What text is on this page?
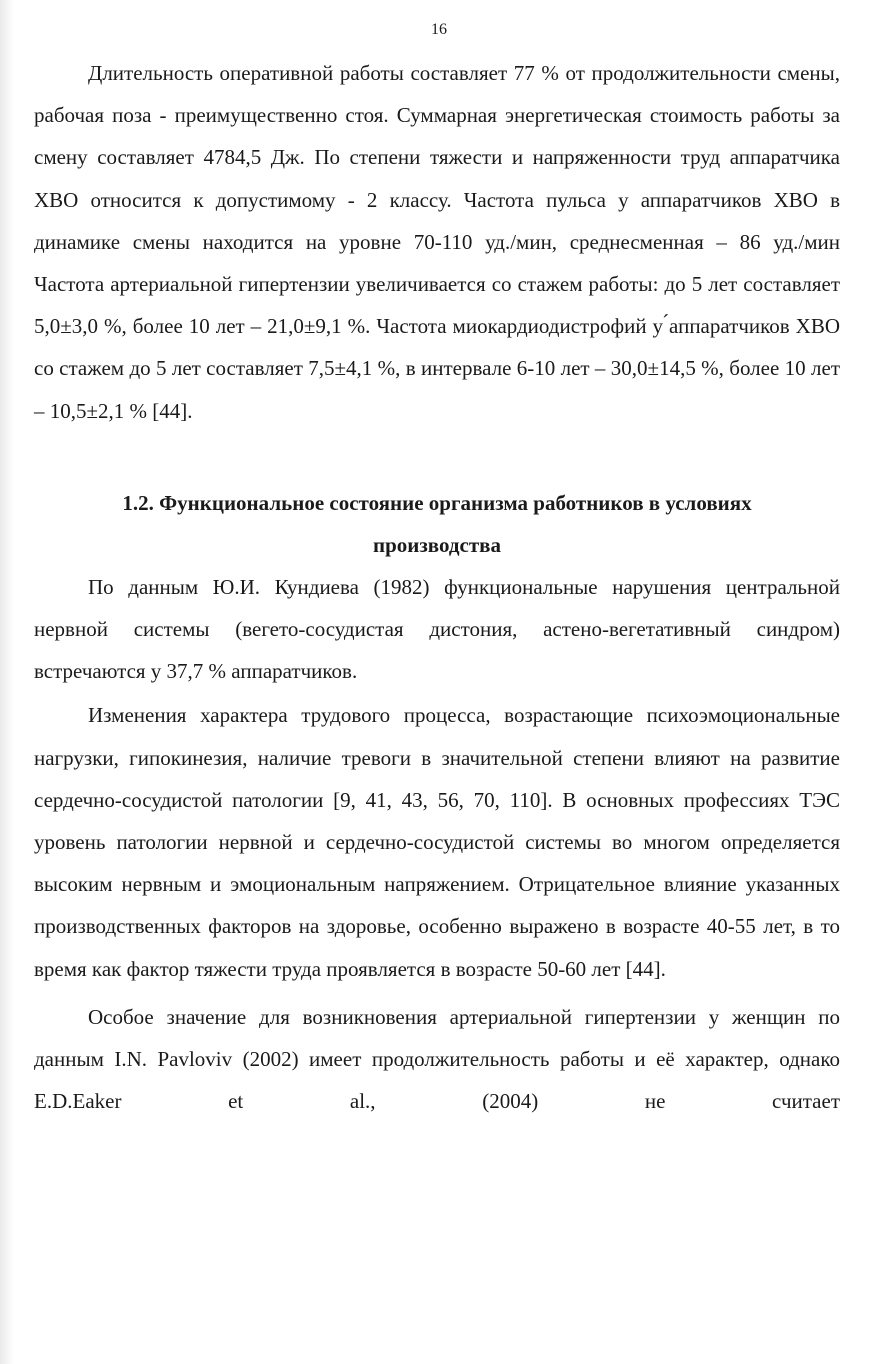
16

Длительность оперативной работы составляет 77 % от продолжительности смены, рабочая поза - преимущественно стоя. Суммарная энергетическая стоимость работы за смену составляет 4784,5 Дж. По степени тяжести и напряженности труд аппаратчика ХВО относится к допустимому - 2 классу. Частота пульса у аппаратчиков ХВО в динамике смены находится на уровне 70-110 уд./мин, среднесменная – 86 уд./мин Частота артериальной гипертензии увеличивается со стажем работы: до 5 лет составляет 5,0±3,0 %, более 10 лет – 21,0±9,1 %. Частота миокардиодистрофий у ́аппаратчиков ХВО со стажем до 5 лет составляет 7,5±4,1 %, в интервале 6-10 лет – 30,0±14,5 %, более 10 лет – 10,5±2,1 % [44].

1.2. Функциональное состояние организма работников в условиях
производства

По данным Ю.И. Кундиева (1982) функциональные нарушения центральной нервной системы (вегето-сосудистая дистония, астено-вегетативный синдром) встречаются у 37,7 % аппаратчиков.

Изменения характера трудового процесса, возрастающие психоэмоциональные нагрузки, гипокинезия, наличие тревоги в значительной степени влияют на развитие сердечно-сосудистой патологии [9, 41, 43, 56, 70, 110]. В основных профессиях ТЭС уровень патологии нервной и сердечно-сосудистой системы во многом определяется высоким нервным и эмоциональным напряжением. Отрицательное влияние указанных производственных факторов на здоровье, особенно выражено в возрасте 40-55 лет, в то время как фактор тяжести труда проявляется в возрасте 50-60 лет [44].

Особое значение для возникновения артериальной гипертензии у женщин по данным I.N. Pavloviv (2002) имеет продолжительность работы и её характер, однако E.D.Eaker et al., (2004) не считает
